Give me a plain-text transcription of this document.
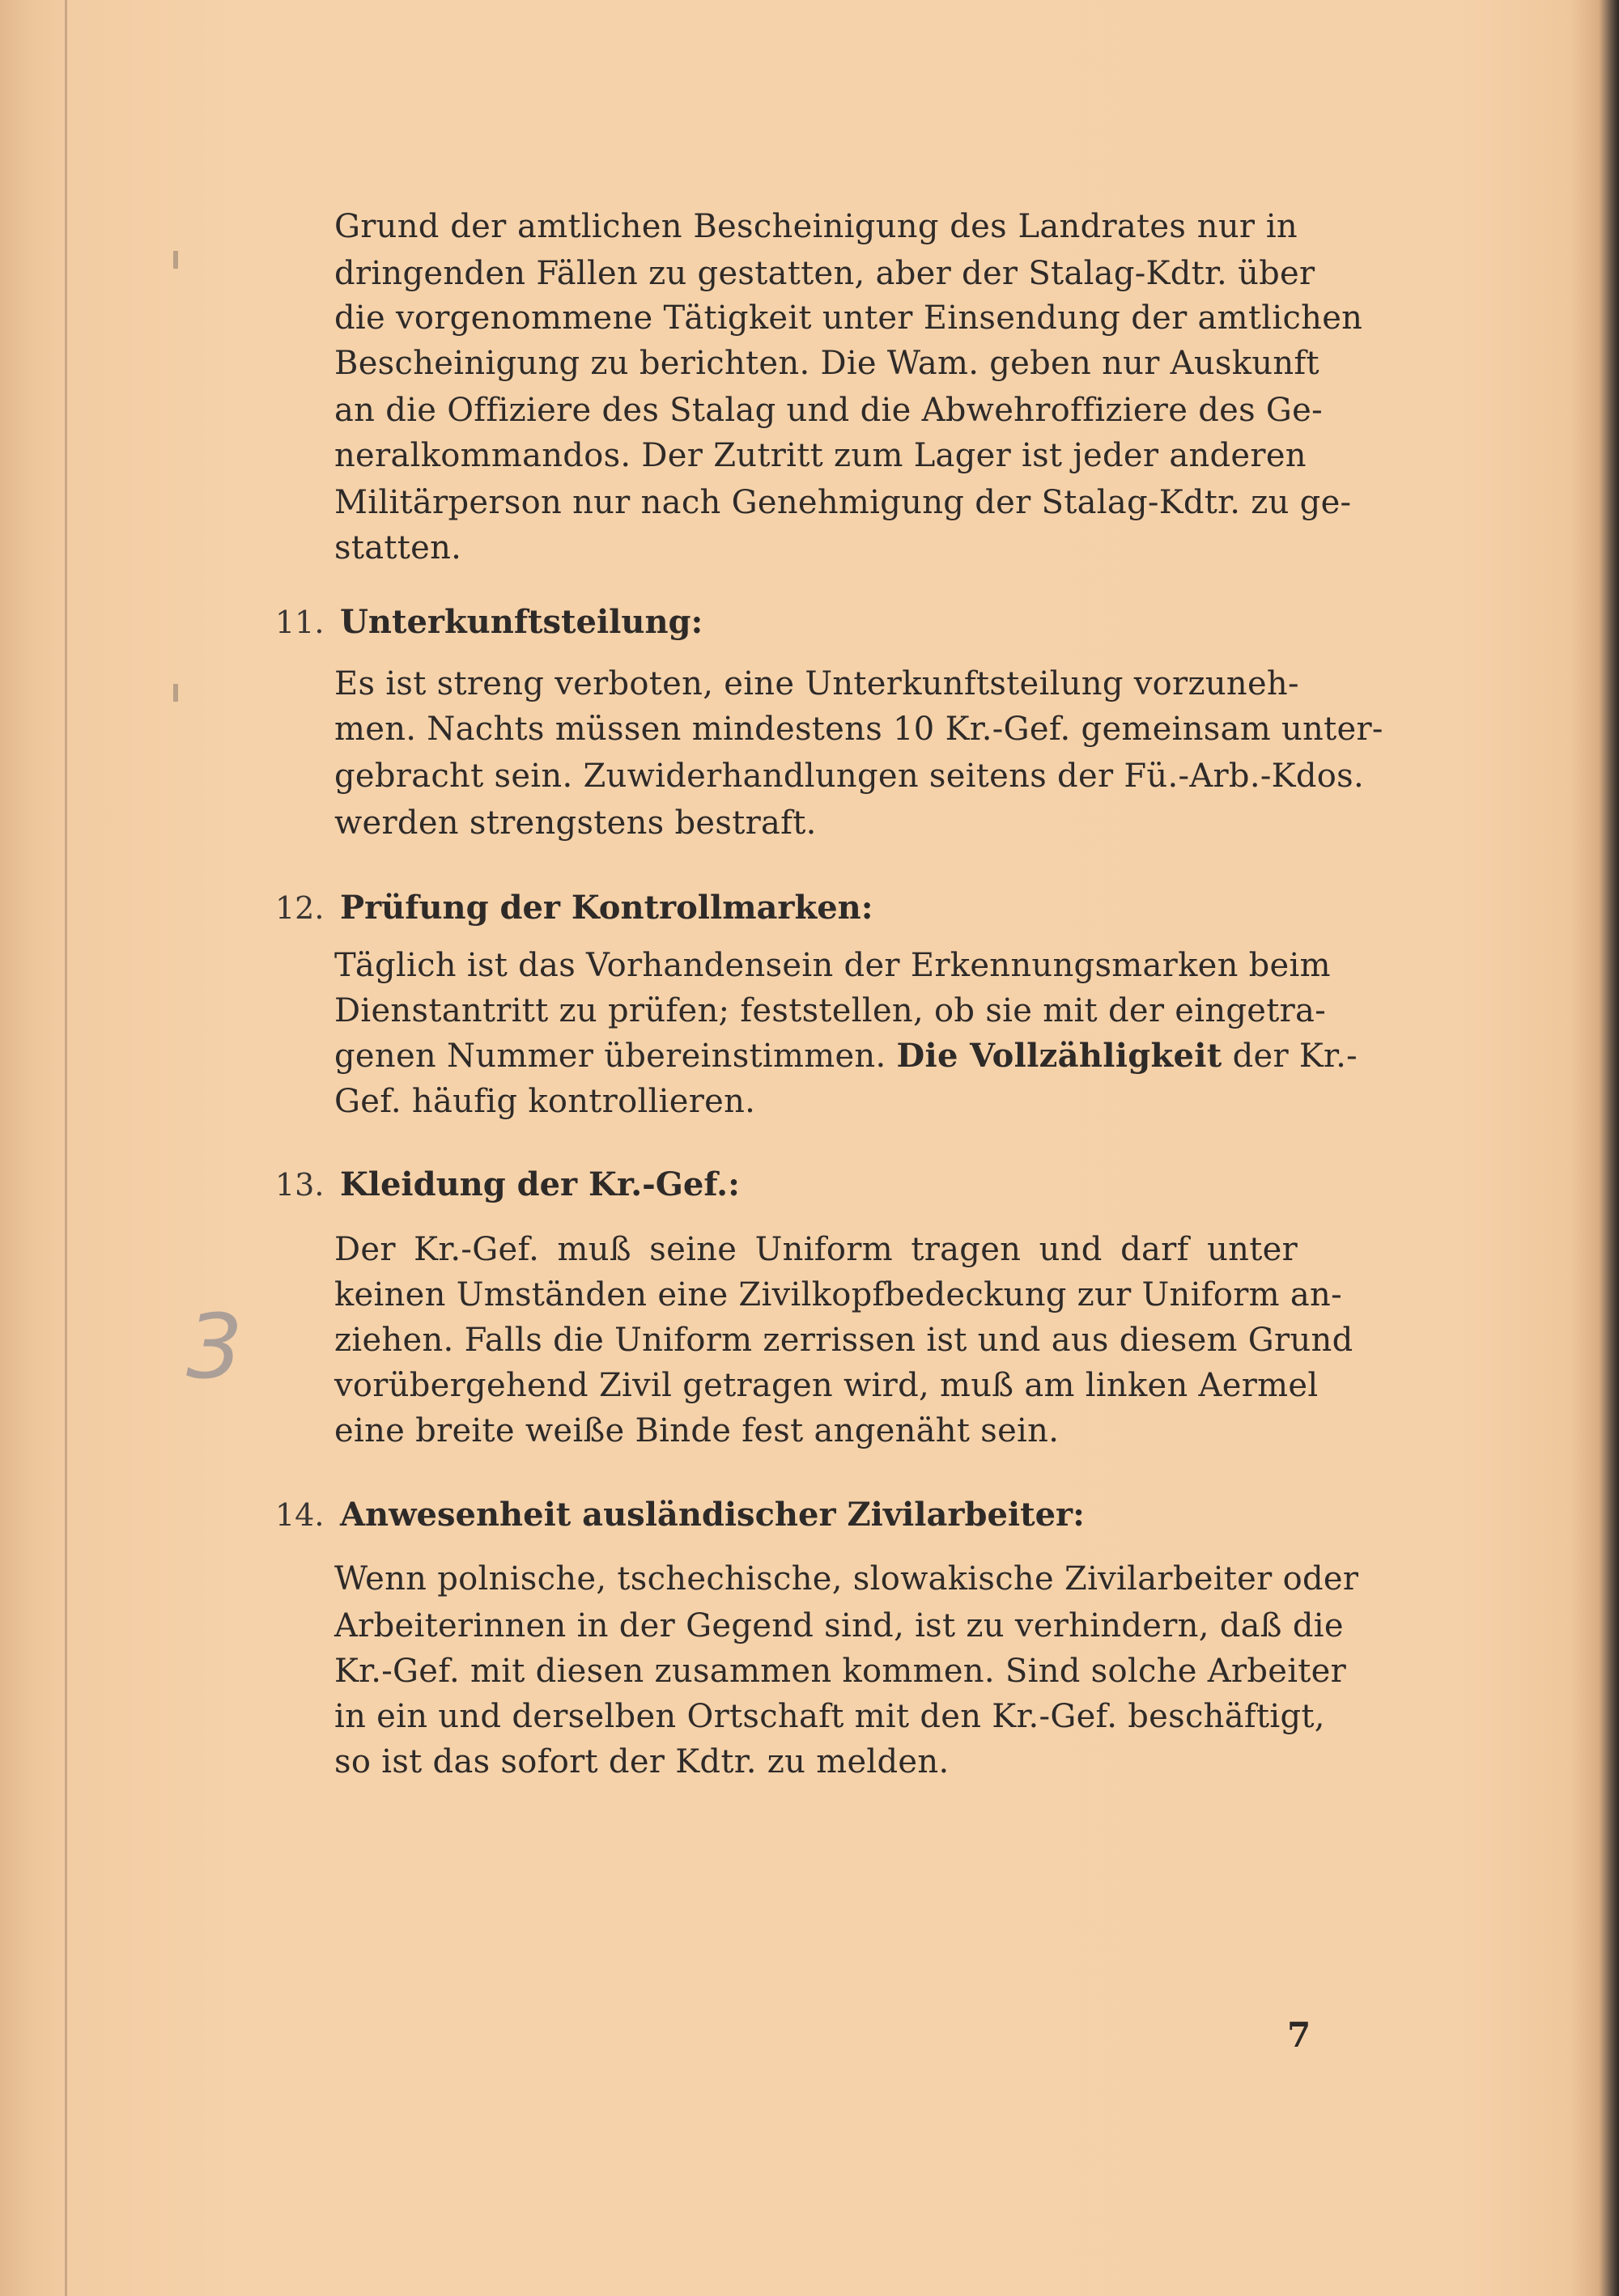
3
Grund der amtlichen Bescheinigung des Landrates nur in
dringenden Fällen zu gestatten, aber der Stalag-Kdtr. über
die vorgenommene Tätigkeit unter Einsendung der amtlichen
Bescheinigung zu berichten. Die Wam. geben nur Auskunft
an die Offiziere des Stalag und die Abwehroffiziere des Ge-
neralkommandos. Der Zutritt zum Lager ist jeder anderen
Militärperson nur nach Genehmigung der Stalag-Kdtr. zu ge-
statten.
11. Unterkunftsteilung:
Es ist streng verboten, eine Unterkunftsteilung vorzuneh-
men. Nachts müssen mindestens 10 Kr.-Gef. gemeinsam unter-
gebracht sein. Zuwiderhandlungen seitens der Fü.-Arb.-Kdos.
werden strengstens bestraft.
12. Prüfung der Kontrollmarken:
Täglich ist das Vorhandensein der Erkennungsmarken beim
Dienstantritt zu prüfen; feststellen, ob sie mit der eingetra-
genen Nummer übereinstimmen. Die Vollzähligkeit der Kr.-
Gef. häufig kontrollieren.
13. Kleidung der Kr.-Gef.:
Der Kr.-Gef. muß seine Uniform tragen und darf unter
keinen Umständen eine Zivilkopfbedeckung zur Uniform an-
ziehen. Falls die Uniform zerrissen ist und aus diesem Grund
vorübergehend Zivil getragen wird, muß am linken Aermel
eine breite weiße Binde fest angenäht sein.
14. Anwesenheit ausländischer Zivilarbeiter:
Wenn polnische, tschechische, slowakische Zivilarbeiter oder
Arbeiterinnen in der Gegend sind, ist zu verhindern, daß die
Kr.-Gef. mit diesen zusammen kommen. Sind solche Arbeiter
in ein und derselben Ortschaft mit den Kr.-Gef. beschäftigt,
so ist das sofort der Kdtr. zu melden.
7
